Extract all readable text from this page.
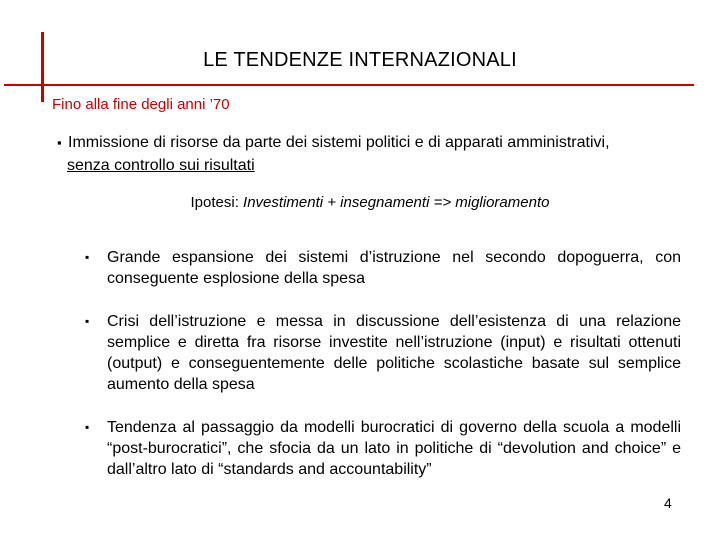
LE TENDENZE INTERNAZIONALI
Fino alla fine degli anni ’70
▪ Immissione di risorse da parte dei sistemi politici e di apparati amministrativi,
senza controllo sui risultati
Ipotesi: Investimenti + insegnamenti => miglioramento
▪	Grande espansione dei sistemi d’istruzione nel secondo dopoguerra, con conseguente esplosione della spesa
▪	Crisi dell’istruzione e messa in discussione dell’esistenza di una relazione semplice e diretta fra risorse investite nell’istruzione (input) e risultati ottenuti (output) e conseguentemente delle politiche scolastiche basate sul semplice aumento della spesa
▪	Tendenza al passaggio da modelli burocratici di governo della scuola a modelli “post-burocratici”, che sfocia da un lato in politiche di “devolution and choice” e dall’altro lato di “standards and accountability”
4
